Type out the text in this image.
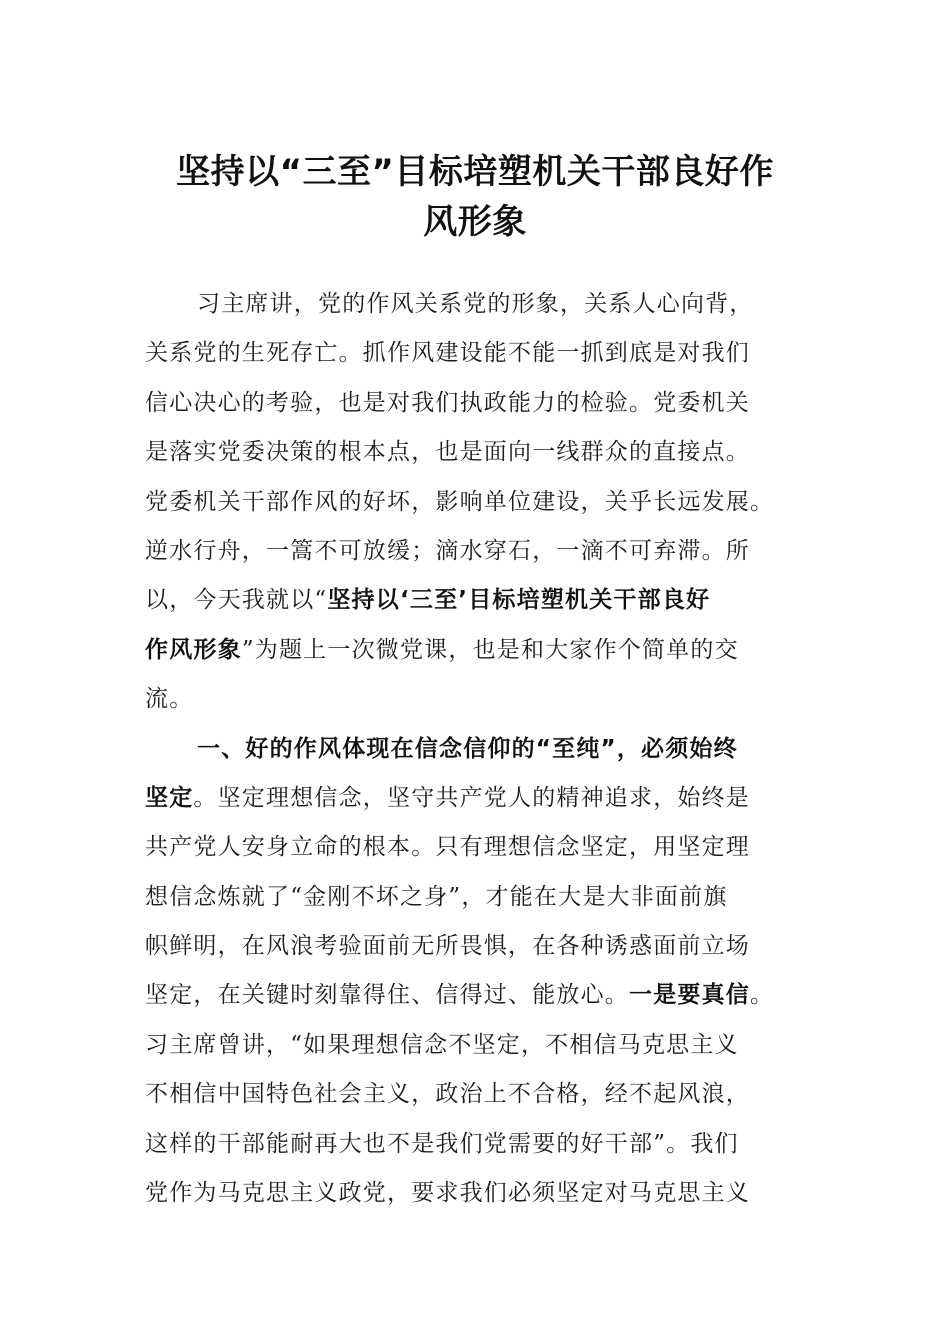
坚持以“三至”目标培塑机关干部良好作
风形象
习主席讲，党的作风关系党的形象，关系人心向背，
关系党的生死存亡。抓作风建设能不能一抓到底是对我们
信心决心的考验，也是对我们执政能力的检验。党委机关
是落实党委决策的根本点，也是面向一线群众的直接点。
党委机关干部作风的好坏，影响单位建设，关乎长远发展。
逆水行舟，一篙不可放缓；滴水穿石，一滴不可弃滞。所
以，今天我就以“坚持以‘三至’目标培塑机关干部良好
作风形象”为题上一次微党课，也是和大家作个简单的交
流。
一、好的作风体现在信念信仰的“至纯”，必须始终
坚定。坚定理想信念，坚守共产党人的精神追求，始终是
共产党人安身立命的根本。只有理想信念坚定，用坚定理
想信念炼就了“金刚不坏之身”，才能在大是大非面前旗
帜鲜明，在风浪考验面前无所畏惧，在各种诱惑面前立场
坚定，在关键时刻靠得住、信得过、能放心。一是要真信。
习主席曾讲，“如果理想信念不坚定，不相信马克思主义
不相信中国特色社会主义，政治上不合格，经不起风浪，
这样的干部能耐再大也不是我们党需要的好干部”。我们
党作为马克思主义政党，要求我们必须坚定对马克思主义
